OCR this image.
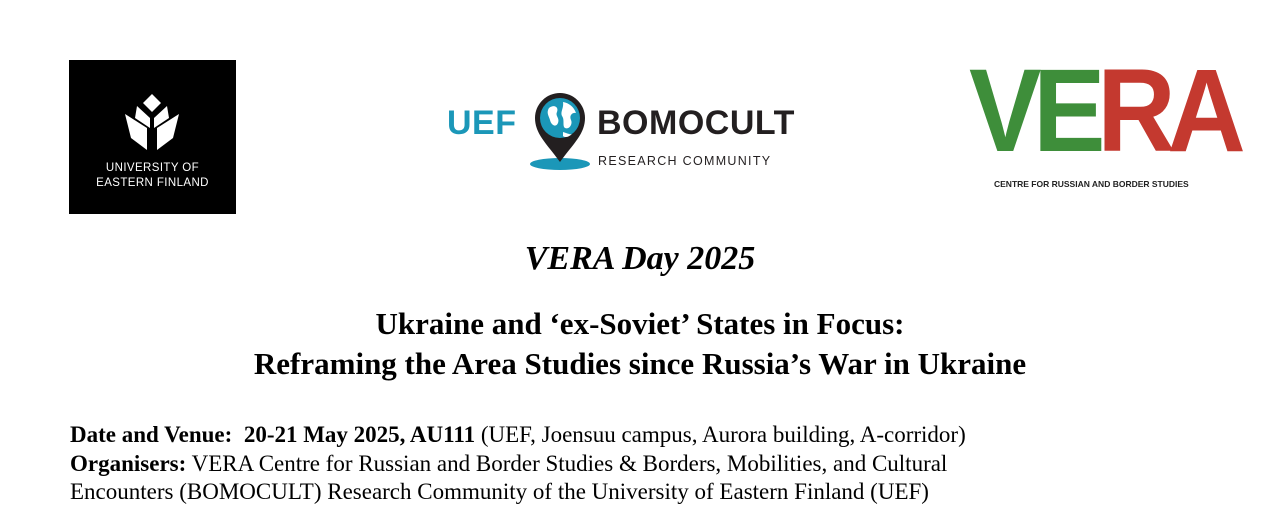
UNIVERSITY OF
EASTERN FINLAND
UEF BOMOCULT
RESEARCH COMMUNITY VERA
CENTRE FOR RUSSIAN AND BORDER STUDIES
VERA Day 2025
Ukraine and ‘ex-Soviet’ States in Focus:
Reframing the Area Studies since Russia’s War in Ukraine
Date and Venue: 20-21 May 2025, AU111 (UEF, Joensuu campus, Aurora building, A-corridor)
Organisers: VERA Centre for Russian and Border Studies & Borders, Mobilities, and Cultural
Encounters (BOMOCULT) Research Community of the University of Eastern Finland (UEF)
